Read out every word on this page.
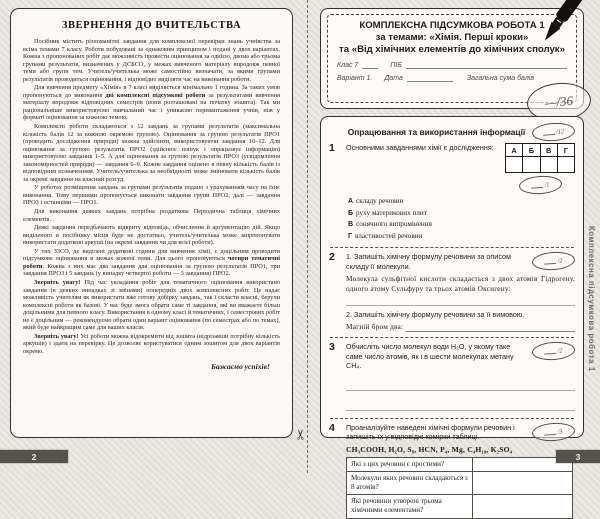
ЗВЕРНЕННЯ ДО ВЧИТЕЛЬСТВА

Посібник містить різноманітні завдання для комплексної перевірки знань учнівства за всіма темами 7 класу. Роботи побудовані за однаковим принципом і подані у двох варіантах. Кожна з пропонованих робіт дає можливість провести оцінювання за однією, двома або трьома групами результатів, визначених у ДСБСО, у межах вивченого матеріалу впродовж певної теми або групи тем. Учитель/учителька може самостійно визначати, за якими групами результатів проводиться оцінювання, і відповідно виділяти час на виконання роботи.

Для вивчення предмету «Хімія» в 7 класі виділяється мінімально 1 година. За таких умов пропонуються до виконання дві комплексні підсумкові роботи за результатами вивчення матеріалу впродовж відповідних семестрів (вони розташовані на початку зошита). Так ми раціональніше використовуємо навчальний час і уникаємо перевантаження учнів, ніж у форматі оцінювання за кожною темою.

Комплексні роботи складаються з 12 завдань за групами результатів (максимальна кількість балів 12 за кожною окремою групою). Оцінювання за групою результатів ПРО1 (проводить дослідження природи) можна здійснити, використовуючи завдання 10–12. Для оцінювання за групою результатів ПРО2 (здійснює пошук і опрацьовує інформацію) використовуємо завдання 1–5. А для оцінювання за групою результатів ПРО3 (усвідомлення закономірностей природи) — завдання 6–9. Кожне завдання оцінено в певну кількість балів із відповідним позначенням. Учитель/учителька за необхідності може змінювати кількість балів за окремі завдання на власний розсуд.

У роботах розміщення завдань за групами результатів подано з урахуванням часу на їхнє виконання. Тому першими пропонується виконати завдання групи ПРО2, далі — завдання ПРО3 і останніми — ПРО1.

Для виконання деяких завдань потрібна роздаткова Періодична таблиця хімічних елементів.

Деякі завдання передбачають відкриту відповідь, обчислення й аргументацію дій. Якщо виділеного в посібнику місця буде не достатньо, учитель/учителька може запропонувати використати додаткові аркуші (на окремі завдання чи для всієї роботи).

У тих ЗЗСО, де виділені додаткові години для вивчення хімії, є доцільним проводити підсумкове оцінювання в межах кожної теми. Для цього пропонуються чотири тематичні роботи. Кожна з них має два завдання для оцінювання за групою результатів ПРО1, три завдання ПРО3 і 5 завдань (у випадку четвертої роботи — 3 завдання) ПРО2.

Зверніть увагу! Під час укладання робіт для тематичного оцінювання використано завдання (в деяких випадках зі змінами) попередніх двох комплексних робіт. Це надає можливість учителям як використати вже готову добірку завдань, так і скласти власні, беручи комплексні роботи як базові. У вас буде змога обрати саме ті завдання, які ви вважаєте більш доцільними для певного класу. Використання в одному класі й тематичних, і семестрових робіт не є доцільним — рекомендуємо обрати один варіант оцінювання (по семестрах або по темах), який буде найкращим саме для ваших класів.

Зверніть увагу! Усі роботи можна відокремити від зошита (відрізавши потрібну кількість аркушів) і здати на перевірку. Це дозволяє користуватися одним зошитом для двох варіантів окремо.

Бажаємо успіхів!
2
✂
КОМПЛЕКСНА ПІДСУМКОВА РОБОТА 1
за темами: «Хімія. Перші кроки»
та «Від хімічних елементів до хімічних сполук»
Клас 7	ПІБ
Варіант 1. Дата	Загальна сума балів
—
/36
Опрацювання та використання інформації	/12
1	Основними завданнями хімії є дослідження:	А	Б	В	Г

/1
А складу речовин
Б руху материкових плит
В сонячного випромінення
Г властивостей речовин
2	1. Запишіть хімічну формулу речовини за описом складу її молекули.
/2
Молекула сульфітної кислоти складається з двох атомів Гідрогену, одного атому Сульфуру та трьох атомів Оксигену:
2. Запишіть хімічну формулу речовини за її вимовою.
Магній бром два:
3	Обчисліть число молекул води H₂O, у якому таке саме число атомів, як і в шести молекулах метану CH₄.
/2
4	Проаналізуйте наведені хімічні формули речовин і запишіть їх у відповідні комірки таблиці.
/3
CH₃COOH, H₂O, S₈, HCN, P₄, Mg, C₄H₁₀, K₂SO₄
Які з цих речовин є простими?	
Молекули яких речовин складаються з 8 атомів?	
Які речовини утворені трьома хімічними елементами?	
Комплексна підсумкова робота 1
3
